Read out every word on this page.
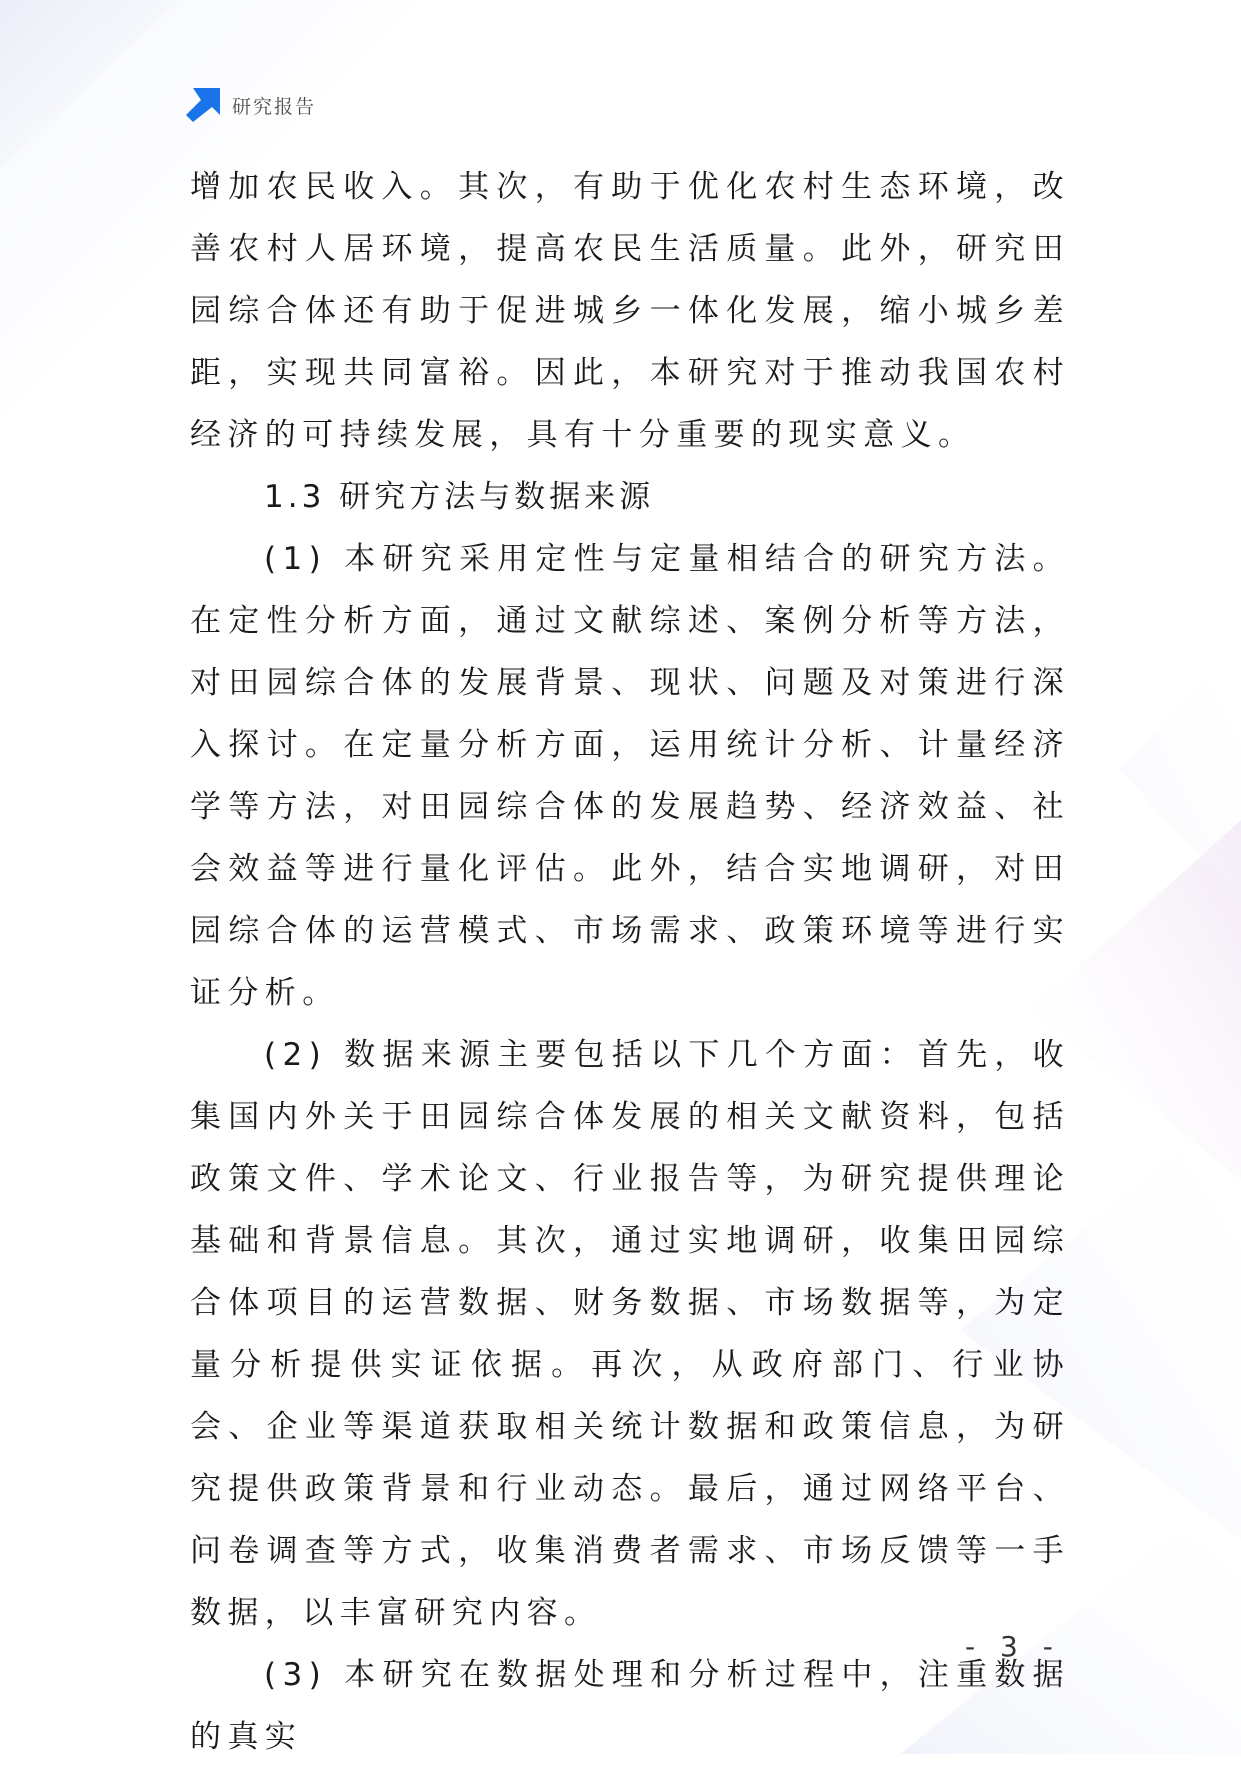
研究报告

增加农民收入。其次，有助于优化农村生态环境，改善农村人居环境，提高农民生活质量。此外，研究田园综合体还有助于促进城乡一体化发展，缩小城乡差距，实现共同富裕。因此，本研究对于推动我国农村经济的可持续发展，具有十分重要的现实意义。

1.3 研究方法与数据来源

(1) 本研究采用定性与定量相结合的研究方法。在定性分析方面，通过文献综述、案例分析等方法，对田园综合体的发展背景、现状、问题及对策进行深入探讨。在定量分析方面，运用统计分析、计量经济学等方法，对田园综合体的发展趋势、经济效益、社会效益等进行量化评估。此外，结合实地调研，对田园综合体的运营模式、市场需求、政策环境等进行实证分析。

(2) 数据来源主要包括以下几个方面：首先，收集国内外关于田园综合体发展的相关文献资料，包括政策文件、学术论文、行业报告等，为研究提供理论基础和背景信息。其次，通过实地调研，收集田园综合体项目的运营数据、财务数据、市场数据等，为定量分析提供实证依据。再次，从政府部门、行业协会、企业等渠道获取相关统计数据和政策信息，为研究提供政策背景和行业动态。最后，通过网络平台、问卷调查等方式，收集消费者需求、市场反馈等一手数据，以丰富研究内容。

(3) 本研究在数据处理和分析过程中，注重数据的真实

- 3 -
